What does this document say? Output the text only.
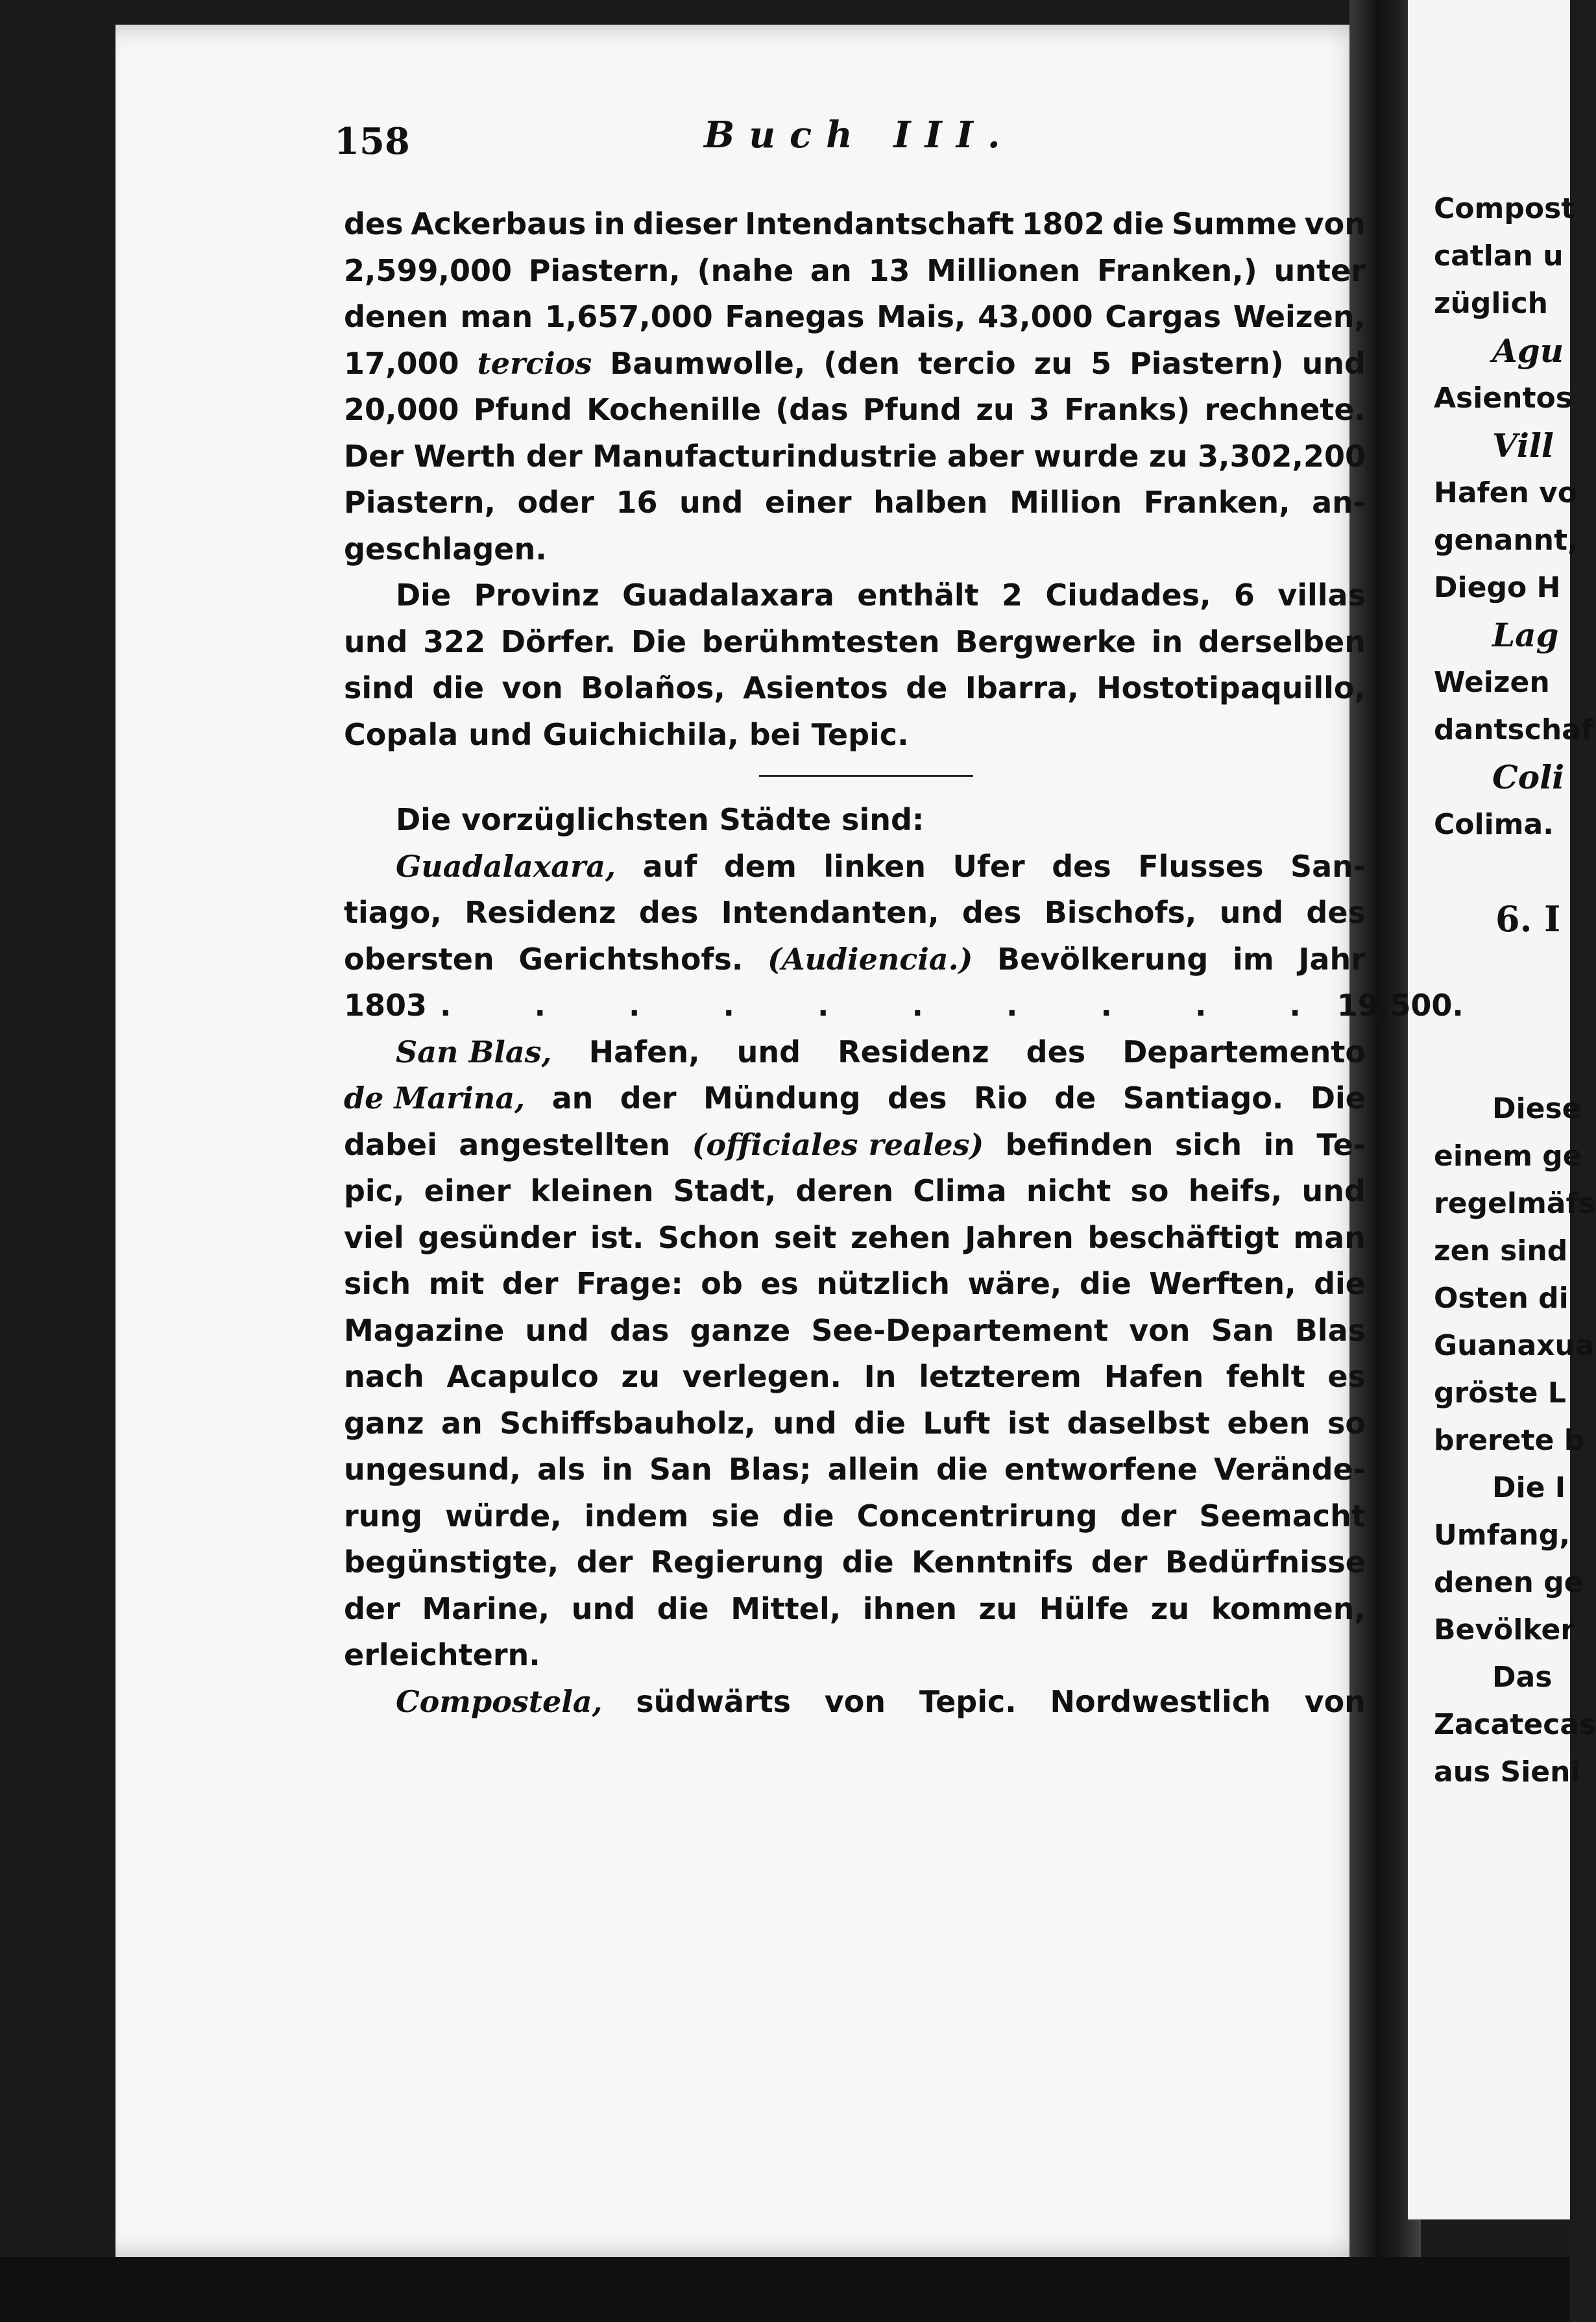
158	Buch III.
des Ackerbaus in dieser Intendantschaft 1802 die Summe von
2,599,000 Piastern, (nahe an 13 Millionen Franken,) unter
denen man 1,657,000 Fanegas Mais, 43,000 Cargas Weizen,
17,000 tercios Baumwolle, (den tercio zu 5 Piastern) und
20,000 Pfund Kochenille (das Pfund zu 3 Franks) rechnete.
Der Werth der Manufacturindustrie aber wurde zu 3,302,200
Piastern, oder 16 und einer halben Million Franken, an-
geschlagen.
Die Provinz Guadalaxara enthält 2 Ciudades, 6 villas
und 322 Dörfer. Die berühmtesten Bergwerke in derselben
sind die von Bolaños, Asientos de Ibarra, Hostotipaquillo,
Copala und Guichichila, bei Tepic.
Die vorzüglichsten Städte sind:
Guadalaxara, auf dem linken Ufer des Flusses San-
tiago, Residenz des Intendanten, des Bischofs, und des
obersten Gerichtshofs. (Audiencia.) Bevölkerung im Jahr
1803 . . . . . . . . . . 19,500.
San Blas, Hafen, und Residenz des Departemento
de Marina, an der Mündung des Rio de Santiago. Die
dabei angestellten (officiales reales) befinden sich in Te-
pic, einer kleinen Stadt, deren Clima nicht so heifs, und
viel gesünder ist. Schon seit zehen Jahren beschäftigt man
sich mit der Frage: ob es nützlich wäre, die Werften, die
Magazine und das ganze See-Departement von San Blas
nach Acapulco zu verlegen. In letzterem Hafen fehlt es
ganz an Schiffsbauholz, und die Luft ist daselbst eben so
ungesund, als in San Blas; allein die entworfene Verände-
rung würde, indem sie die Concentrirung der Seemacht
begünstigte, der Regierung die Kenntnifs der Bedürfnisse
der Marine, und die Mittel, ihnen zu Hülfe zu kommen,
erleichtern.
Compostela, südwärts von Tepic. Nordwestlich von
Compost
catlan u
züglich
Agu
Asientos
Vill
Hafen vo
genannt,
Diego H
Lag
Weizen
dantschaf
Coli
Colima.
6. I
Diese
einem ge
regelmäfs
zen sind
Osten di
Guanaxua
gröste L
brerete b
Die I
Umfang,
denen ge
Bevölker
Das
Zacatecas
aus Sieni
